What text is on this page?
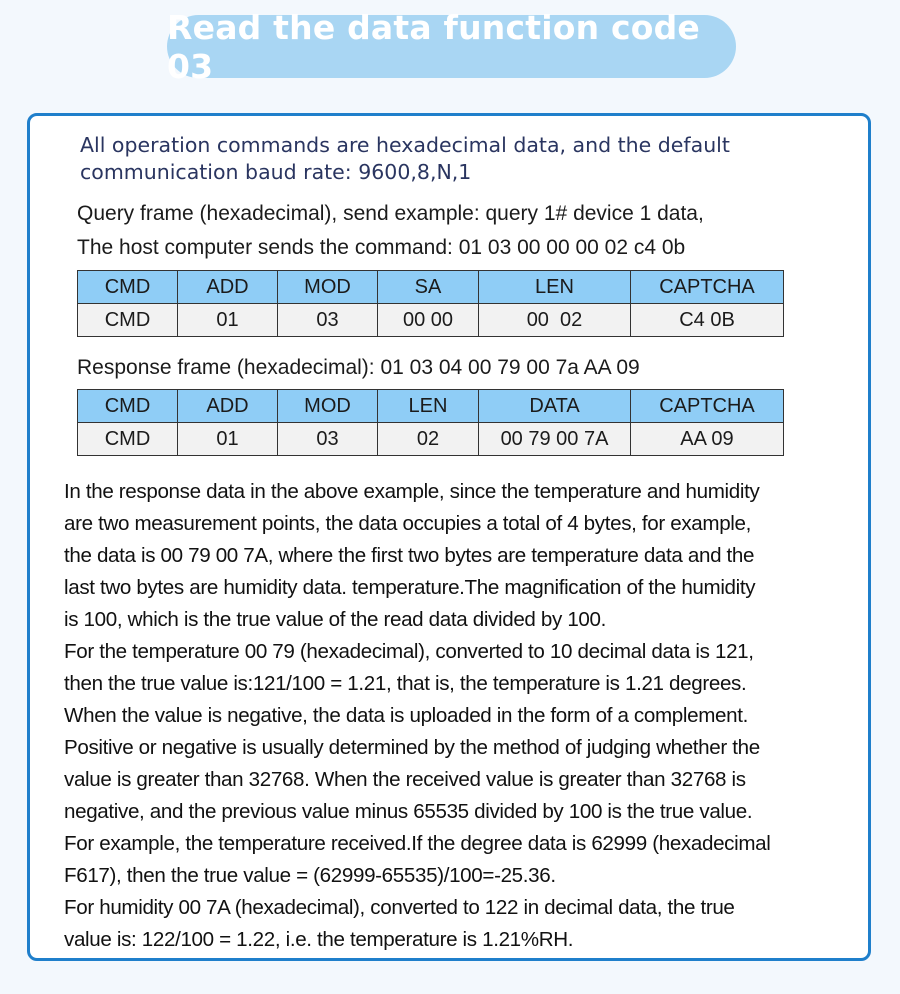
Read the data function code 03
All operation commands are hexadecimal data, and the default communication baud rate: 9600,8,N,1
Query frame (hexadecimal), send example: query 1# device 1 data,
The host computer sends the command: 01 03 00 00 00 02 c4 0b
CMD	ADD	MOD	SA	LEN	CAPTCHA
CMD	01	03	00 00	00  02	C4 0B
Response frame (hexadecimal): 01 03 04 00 79 00 7a AA 09
CMD	ADD	MOD	LEN	DATA	CAPTCHA
CMD	01	03	02	00 79 00 7A	AA 09

In the response data in the above example, since the temperature and humidity

are two measurement points, the data occupies a total of 4 bytes, for example,

the data is 00 79 00 7A, where the first two bytes are temperature data and the

last two bytes are humidity data. temperature.The magnification of the humidity

is 100, which is the true value of the read data divided by 100.

For the temperature 00 79 (hexadecimal), converted to 10 decimal data is 121,

then the true value is:121/100 = 1.21, that is, the temperature is 1.21 degrees.

When the value is negative, the data is uploaded in the form of a complement.

Positive or negative is usually determined by the method of judging whether the

value is greater than 32768. When the received value is greater than 32768 is

negative, and the previous value minus 65535 divided by 100 is the true value.

For example, the temperature received.If the degree data is 62999 (hexadecimal

F617), then the true value = (62999-65535)/100=-25.36.

For humidity 00 7A (hexadecimal), converted to 122 in decimal data, the true

value is: 122/100 = 1.22, i.e. the temperature is 1.21%RH.
